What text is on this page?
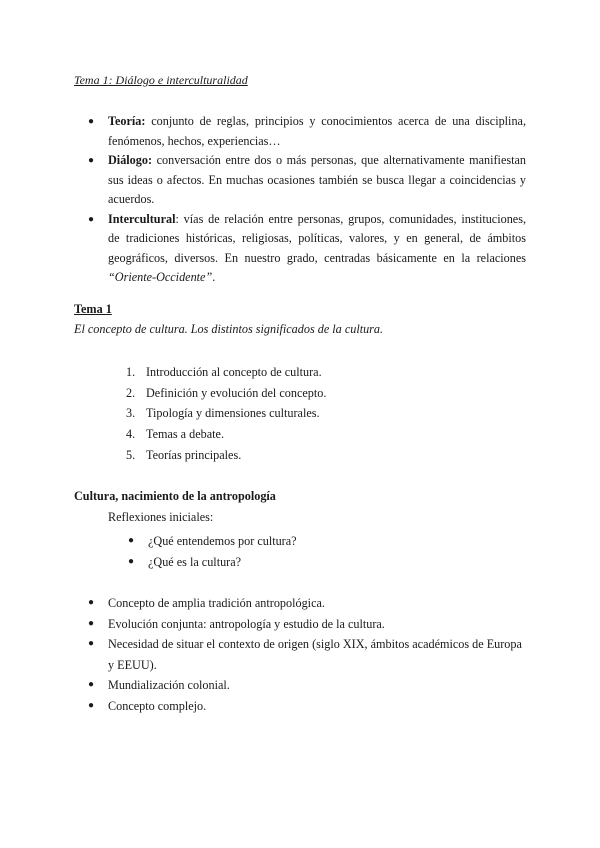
Tema 1: Diálogo e interculturalidad
● Teoría: conjunto de reglas, principios y conocimientos acerca de una disciplina, fenómenos, hechos, experiencias…
● Diálogo: conversación entre dos o más personas, que alternativamente manifiestan sus ideas o afectos. En muchas ocasiones también se busca llegar a coincidencias y acuerdos.
● Intercultural: vías de relación entre personas, grupos, comunidades, instituciones, de tradiciones históricas, religiosas, políticas, valores, y en general, de ámbitos geográficos, diversos. En nuestro grado, centradas básicamente en la relaciones “Oriente-Occidente”.
Tema 1
El concepto de cultura. Los distintos significados de la cultura.
1. Introducción al concepto de cultura.
2. Definición y evolución del concepto.
3. Tipología y dimensiones culturales.
4. Temas a debate.
5. Teorías principales.
Cultura, nacimiento de la antropología
Reflexiones iniciales:
● ¿Qué entendemos por cultura?
● ¿Qué es la cultura?
● Concepto de amplia tradición antropológica.
● Evolución conjunta: antropología y estudio de la cultura.
● Necesidad de situar el contexto de origen (siglo XIX, ámbitos académicos de Europa y EEUU).
● Mundialización colonial.
● Concepto complejo.
